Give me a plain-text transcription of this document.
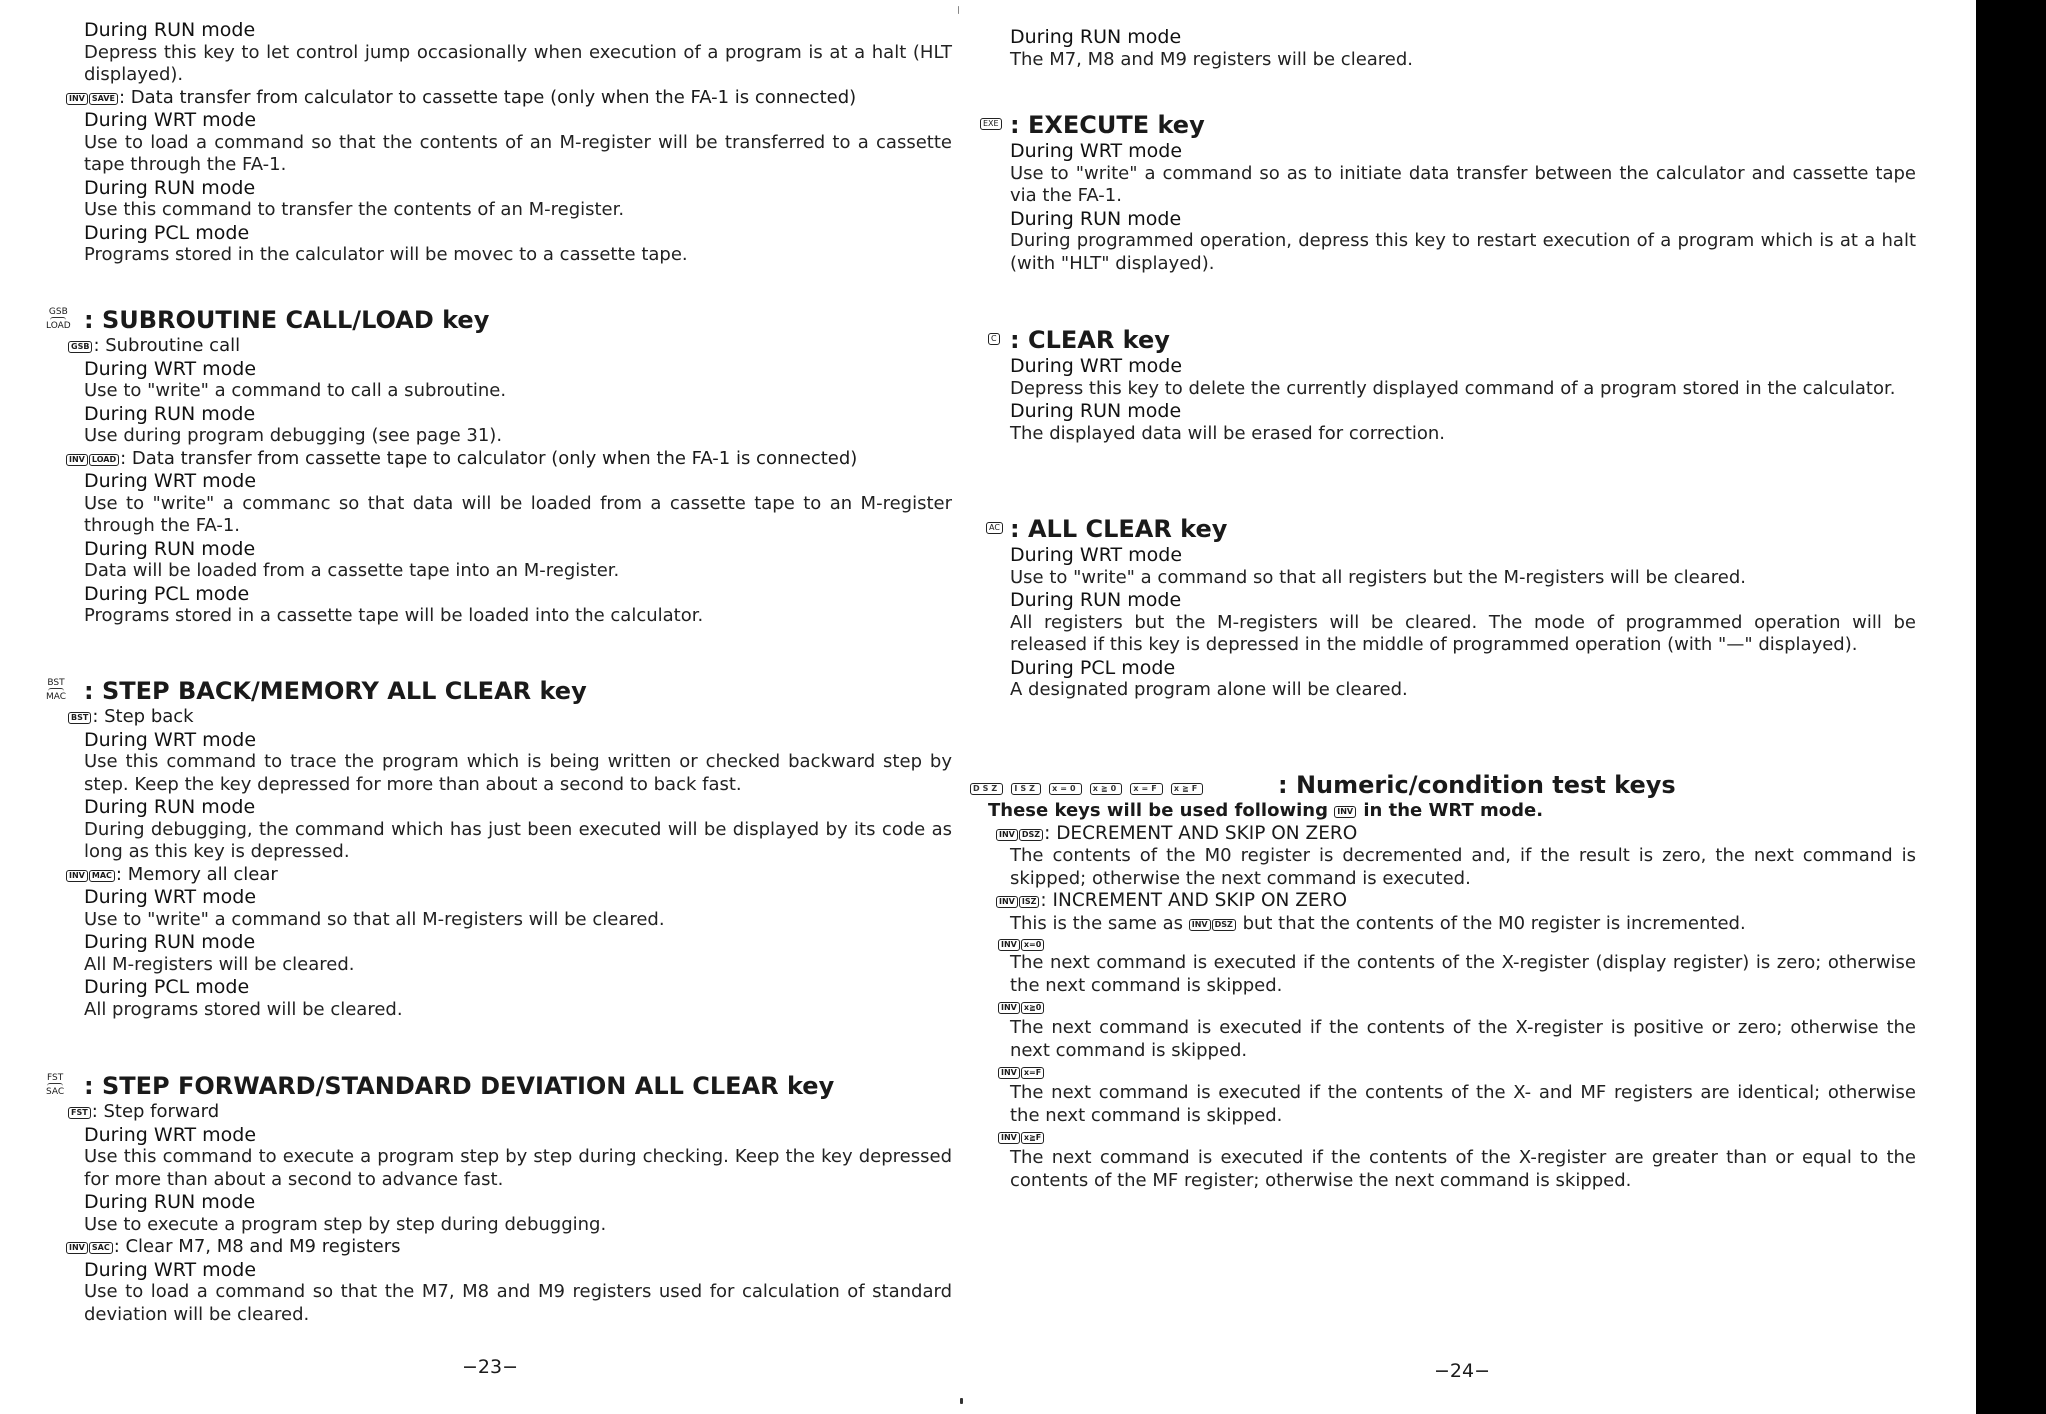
During RUN mode

Depress this key to let control jump occasionally when execution of a program is at a halt (HLT displayed).

INV SAVE : Data transfer from calculator to cassette tape (only when the FA-1 is connected)

During WRT mode

Use to load a command so that the contents of an M-register will be transferred to a cassette tape through the FA-1.

During RUN mode

Use this command to transfer the contents of an M-register.

During PCL mode

Programs stored in the calculator will be movec to a cassette tape.

GSB
LOAD : SUBROUTINE CALL/LOAD key

GSB : Subroutine call

During WRT mode

Use to "write" a command to call a subroutine.

During RUN mode

Use during program debugging (see page 31).

INV LOAD : Data transfer from cassette tape to calculator (only when the FA-1 is connected)

During WRT mode

Use to "write" a commanc so that data will be loaded from a cassette tape to an M-register through the FA-1.

During RUN mode

Data will be loaded from a cassette tape into an M-register.

During PCL mode

Programs stored in a cassette tape will be loaded into the calculator.

BST
MAC : STEP BACK/MEMORY ALL CLEAR key

BST : Step back

During WRT mode

Use this command to trace the program which is being written or checked backward step by step. Keep the key depressed for more than about a second to back fast.

During RUN mode

During debugging, the command which has just been executed will be displayed by its code as long as this key is depressed.

INV MAC : Memory all clear

During WRT mode

Use to "write" a command so that all M-registers will be cleared.

During RUN mode

All M-registers will be cleared.

During PCL mode

All programs stored will be cleared.

FST
SAC : STEP FORWARD/STANDARD DEVIATION ALL CLEAR key

FST : Step forward

During WRT mode

Use this command to execute a program step by step during checking. Keep the key depressed for more than about a second to advance fast.

During RUN mode

Use to execute a program step by step during debugging.

INV SAC : Clear M7, M8 and M9 registers

During WRT mode

Use to load a command so that the M7, M8 and M9 registers used for calculation of standard deviation will be cleared.

−23−

During RUN mode

The M7, M8 and M9 registers will be cleared.

EXE : EXECUTE key

During WRT mode

Use to "write" a command so as to initiate data transfer between the calculator and cassette tape via the FA-1.

During RUN mode

During programmed operation, depress this key to restart execution of a program which is at a halt (with "HLT" displayed).

C : CLEAR key

During WRT mode

Depress this key to delete the currently displayed command of a program stored in the calculator.

During RUN mode

The displayed data will be erased for correction.

AC : ALL CLEAR key

During WRT mode

Use to "write" a command so that all registers but the M-registers will be cleared.

During RUN mode

All registers but the M-registers will be cleared. The mode of programmed operation will be released if this key is depressed in the middle of programmed operation (with "—" displayed).

During PCL mode

A designated program alone will be cleared.

DSZ ISZ x=0 x≧0 x=F x≧F	: Numeric/condition test keys

These keys will be used following INV in the WRT mode.

INV DSZ : DECREMENT AND SKIP ON ZERO

The contents of the M0 register is decremented and, if the result is zero, the next command is skipped; otherwise the next command is executed.

INV ISZ : INCREMENT AND SKIP ON ZERO

This is the same as INV DSZ but that the contents of the M0 register is incremented.

INV x=0

The next command is executed if the contents of the X-register (display register) is zero; otherwise the next command is skipped.

INV x≧0

The next command is executed if the contents of the X-register is positive or zero; otherwise the next command is skipped.

INV x=F

The next command is executed if the contents of the X- and MF registers are identical; otherwise the next command is skipped.

INV x≧F

The next command is executed if the contents of the X-register are greater than or equal to the contents of the MF register; otherwise the next command is skipped.

−24−
